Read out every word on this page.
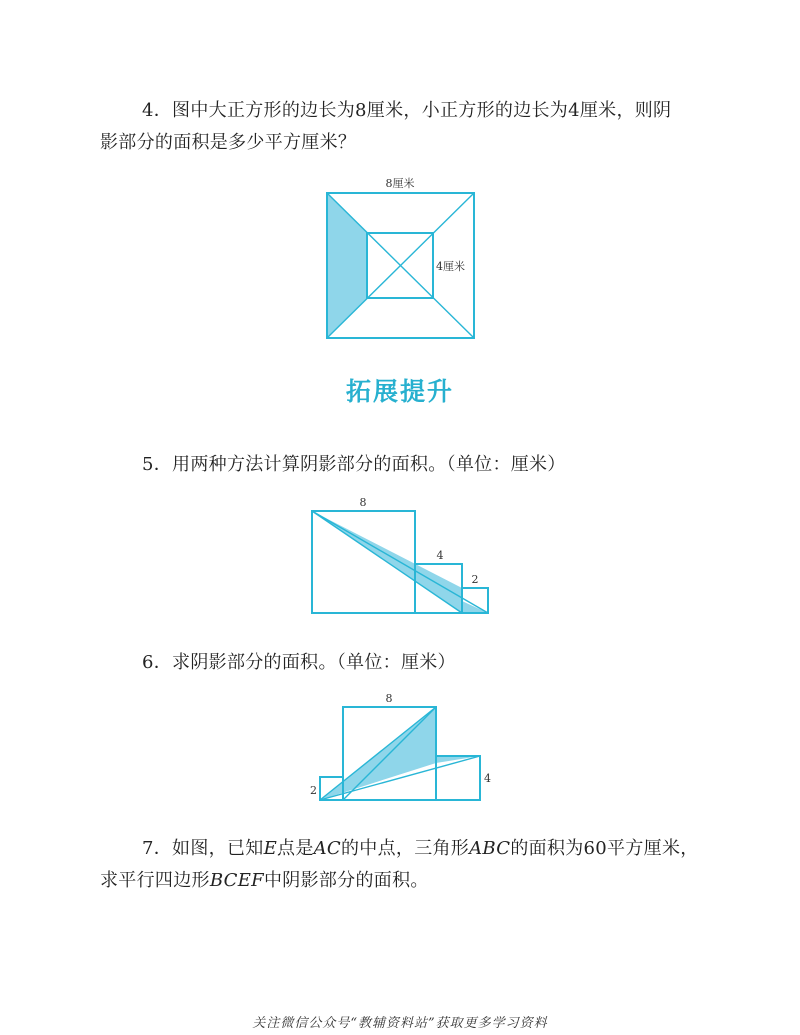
4．图中大正方形的边长为8厘米，小正方形的边长为4厘米，则阴
影部分的面积是多少平方厘米？
8厘米
4厘米
拓展提升
5．用两种方法计算阴影部分的面积。（单位：厘米）
8
4
2
6．求阴影部分的面积。（单位：厘米）
8
4
2
7．如图，已知E点是AC的中点，三角形ABC的面积为60平方厘米，
求平行四边形BCEF中阴影部分的面积。
关注微信公众号“教辅资料站”获取更多学习资料
